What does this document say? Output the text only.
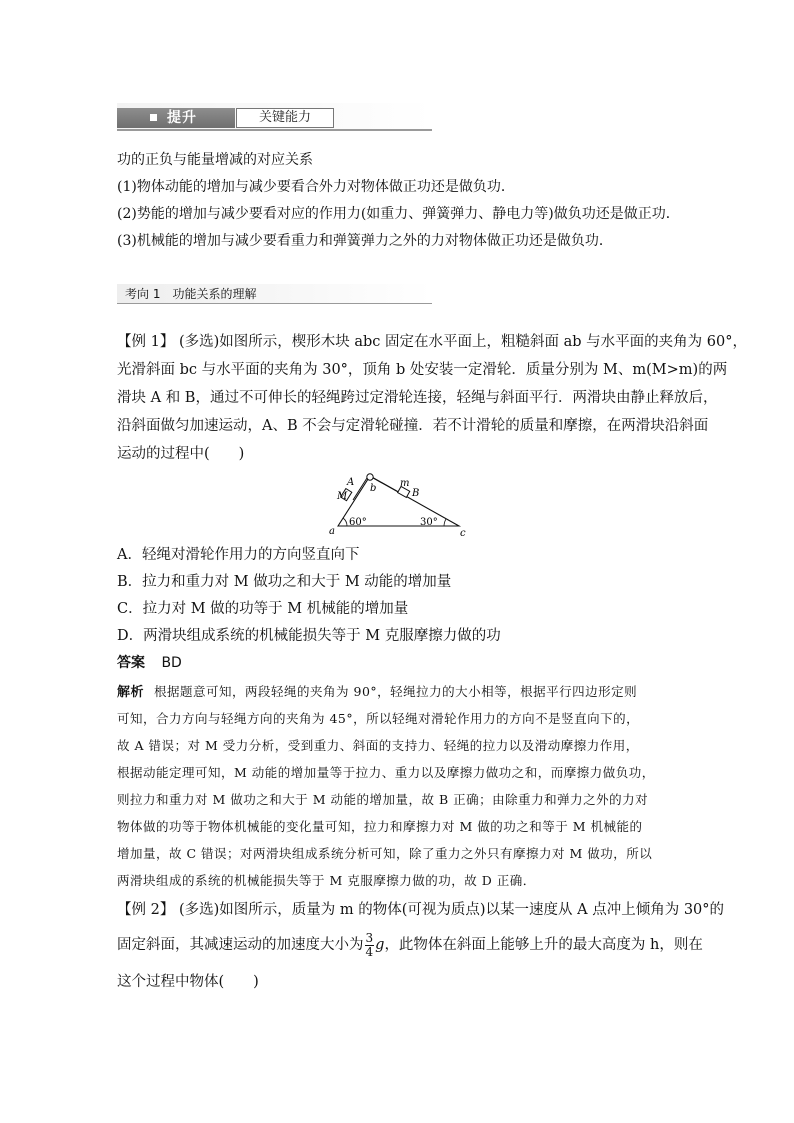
提升	关键能力
功的正负与能量增减的对应关系
(1)物体动能的增加与减少要看合外力对物体做正功还是做负功．
(2)势能的增加与减少要看对应的作用力(如重力、弹簧弹力、静电力等)做负功还是做正功．
(3)机械能的增加与减少要看重力和弹簧弹力之外的力对物体做正功还是做负功．
考向 1　功能关系的理解
【例 1】 (多选)如图所示，楔形木块 abc 固定在水平面上，粗糙斜面 ab 与水平面的夹角为 60°，
光滑斜面 bc 与水平面的夹角为 30°，顶角 b 处安装一定滑轮．质量分别为 M、m(M>m)的两
滑块 A 和 B，通过不可伸长的轻绳跨过定滑轮连接，轻绳与斜面平行．两滑块由静止释放后，
沿斜面做匀加速运动，A、B 不会与定滑轮碰撞．若不计滑轮的质量和摩擦，在两滑块沿斜面
运动的过程中(　　)
a
b
c
M
A	m
B
60°	30°
A．轻绳对滑轮作用力的方向竖直向下
B．拉力和重力对 M 做功之和大于 M 动能的增加量
C．拉力对 M 做的功等于 M 机械能的增加量
D．两滑块组成系统的机械能损失等于 M 克服摩擦力做的功
答案 BD
解析 根据题意可知，两段轻绳的夹角为 90°，轻绳拉力的大小相等，根据平行四边形定则
可知，合力方向与轻绳方向的夹角为 45°，所以轻绳对滑轮作用力的方向不是竖直向下的，
故 A 错误；对 M 受力分析，受到重力、斜面的支持力、轻绳的拉力以及滑动摩擦力作用，
根据动能定理可知，M 动能的增加量等于拉力、重力以及摩擦力做功之和，而摩擦力做负功，
则拉力和重力对 M 做功之和大于 M 动能的增加量，故 B 正确；由除重力和弹力之外的力对
物体做的功等于物体机械能的变化量可知，拉力和摩擦力对 M 做的功之和等于 M 机械能的
增加量，故 C 错误；对两滑块组成系统分析可知，除了重力之外只有摩擦力对 M 做功，所以
两滑块组成的系统的机械能损失等于 M 克服摩擦力做的功，故 D 正确．
【例 2】 (多选)如图所示，质量为 m 的物体(可视为质点)以某一速度从 A 点冲上倾角为 30°的
固定斜面，其减速运动的加速度大小为 $\frac{3}{4}$ g，此物体在斜面上能够上升的最大高度为 h，则在
这个过程中物体(　　)
